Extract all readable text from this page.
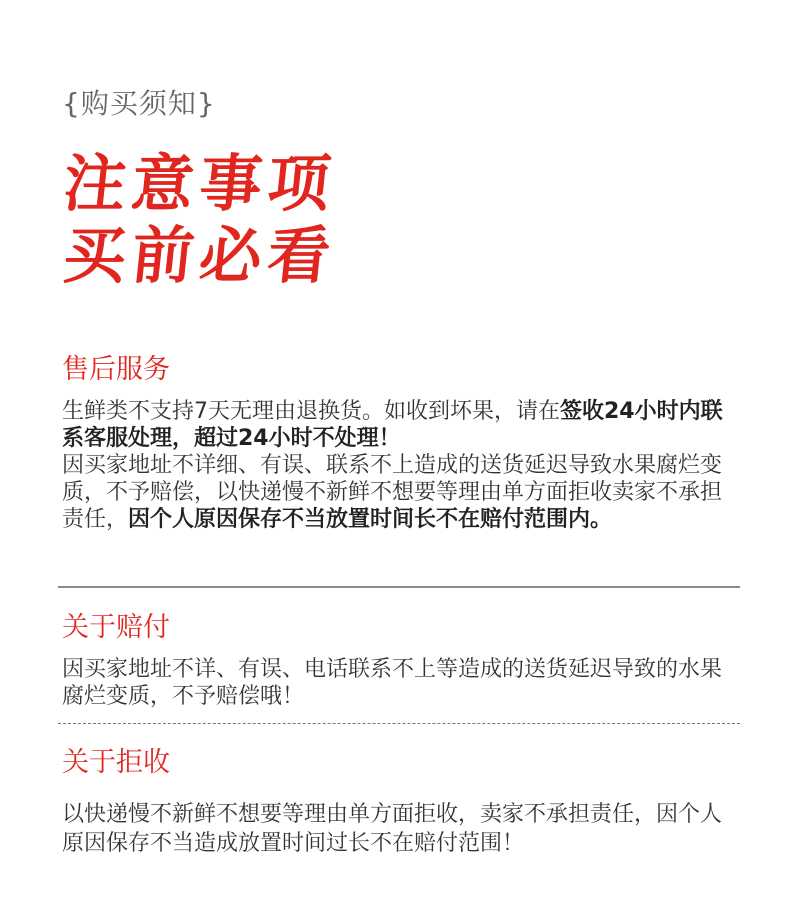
{购买须知}
注意事项
买前必看
售后服务
生鲜类不支持7天无理由退换货。如收到坏果，请在签收24小时内联系客服处理，超过24小时不处理！
因买家地址不详细、有误、联系不上造成的送货延迟导致水果腐烂变质，不予赔偿，以快递慢不新鲜不想要等理由单方面拒收卖家不承担责任，因个人原因保存不当放置时间长不在赔付范围内。
关于赔付
因买家地址不详、有误、电话联系不上等造成的送货延迟导致的水果腐烂变质，不予赔偿哦！
关于拒收
以快递慢不新鲜不想要等理由单方面拒收，卖家不承担责任，因个人原因保存不当造成放置时间过长不在赔付范围！
